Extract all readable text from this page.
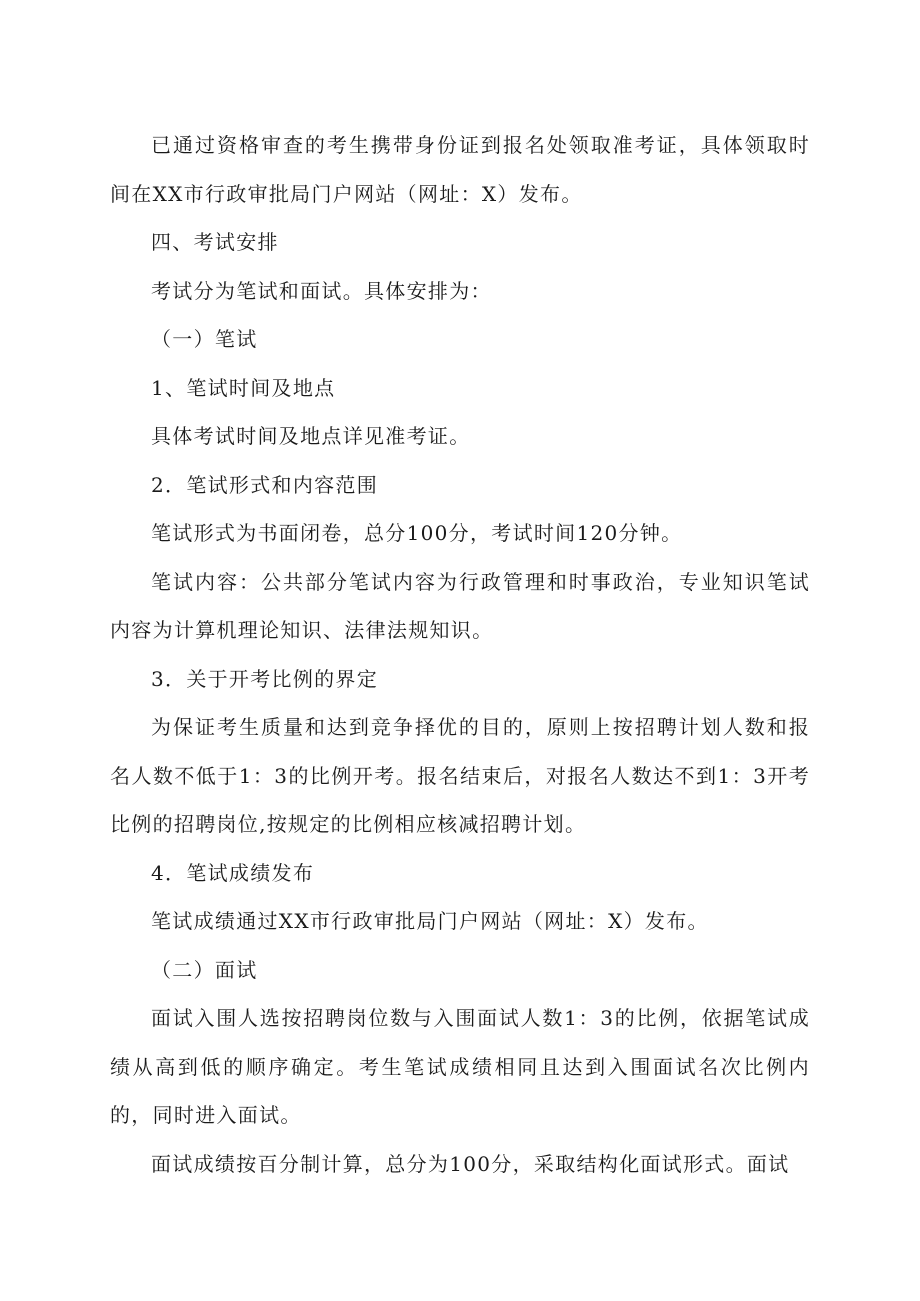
已通过资格审查的考生携带身份证到报名处领取准考证，具体领取时间在XX市行政审批局门户网站（网址：X）发布。

四、考试安排

考试分为笔试和面试。具体安排为：

（一）笔试

1、笔试时间及地点

具体考试时间及地点详见准考证。

2．笔试形式和内容范围

笔试形式为书面闭卷，总分100分，考试时间120分钟。

笔试内容：公共部分笔试内容为行政管理和时事政治，专业知识笔试内容为计算机理论知识、法律法规知识。

3．关于开考比例的界定

为保证考生质量和达到竞争择优的目的，原则上按招聘计划人数和报名人数不低于1：3的比例开考。报名结束后，对报名人数达不到1：3开考比例的招聘岗位,按规定的比例相应核减招聘计划。

4．笔试成绩发布

笔试成绩通过XX市行政审批局门户网站（网址：X）发布。

（二）面试

面试入围人选按招聘岗位数与入围面试人数1：3的比例，依据笔试成绩从高到低的顺序确定。考生笔试成绩相同且达到入围面试名次比例内的，同时进入面试。

面试成绩按百分制计算，总分为100分，采取结构化面试形式。面试
